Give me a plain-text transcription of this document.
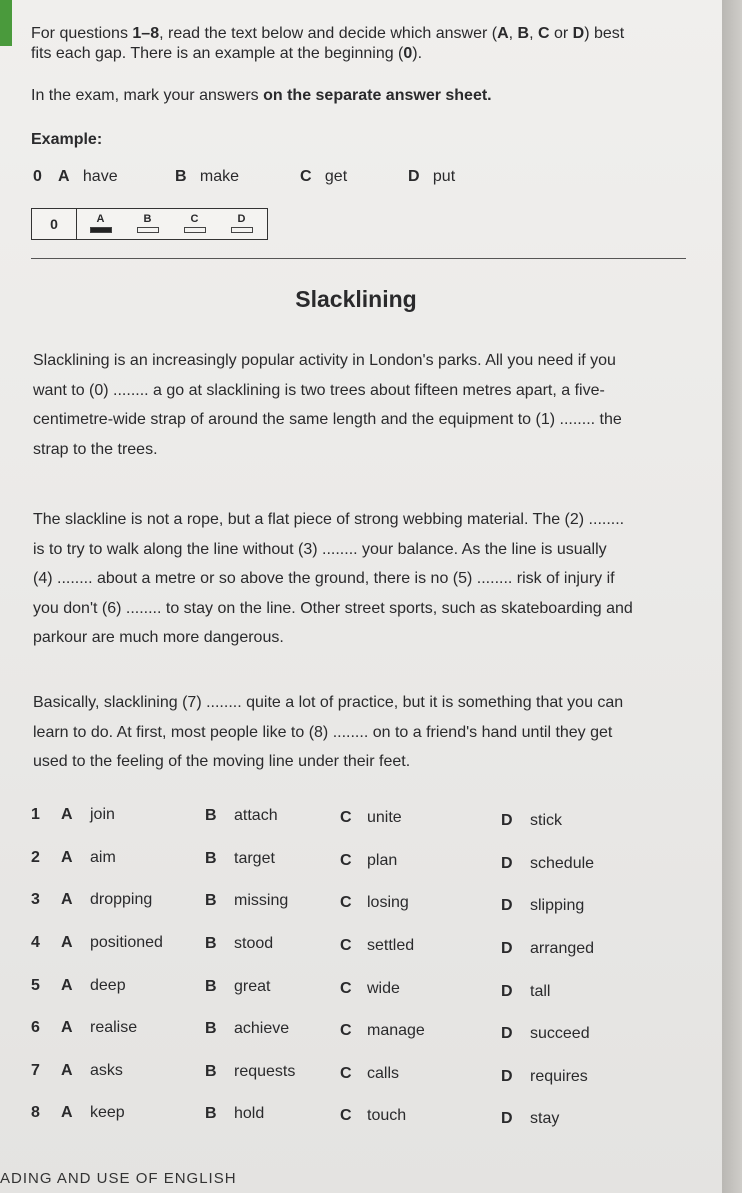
For questions 1–8, read the text below and decide which answer (A, B, C or D) best
fits each gap. There is an example at the beginning (0).
In the exam, mark your answers on the separate answer sheet.
Example:
0 A have	B make	C get	D put
0	A	B	C	D
Slacklining
Slacklining is an increasingly popular activity in London's parks. All you need if you
want to (0) ........ a go at slacklining is two trees about fifteen metres apart, a five-
centimetre-wide strap of around the same length and the equipment to (1) ........ the
strap to the trees.
The slackline is not a rope, but a flat piece of strong webbing material. The (2) ........
is to try to walk along the line without (3) ........ your balance. As the line is usually
(4) ........ about a metre or so above the ground, there is no (5) ........ risk of injury if
you don't (6) ........ to stay on the line. Other street sports, such as skateboarding and
parkour are much more dangerous.
Basically, slacklining (7) ........ quite a lot of practice, but it is something that you can
learn to do. At first, most people like to (8) ........ on to a friend's hand until they get
used to the feeling of the moving line under their feet.
1 A join	B attach	C unite	D stick
2 A aim	B target	C plan	D schedule
3 A dropping	B missing	C losing	D slipping
4 A positioned	B stood	C settled	D arranged
5 A deep	B great	C wide	D tall
6 A realise	B achieve	C manage	D succeed
7 A asks	B requests	C calls	D requires
8 A keep	B hold	C touch	D stay
ADING AND USE OF ENGLISH
